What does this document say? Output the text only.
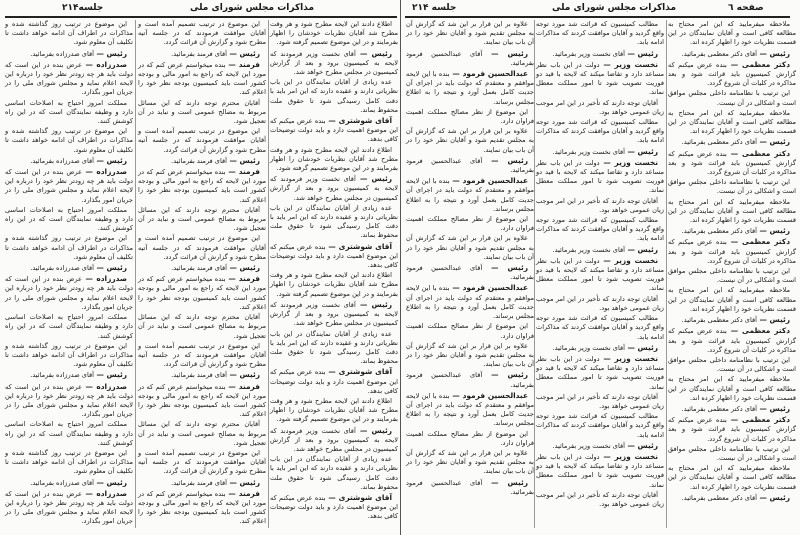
جلسه۲۱۴	مذاکرات مجلس شورای ملی	جلسه ۲۱۴	مذاکرات مجلس شورای ملی	صفحه ٦

اطلاع دادند این لایحه مطرح شود و هر وقت مطرح شد آقایان نظریات خودشان را اظهار بفرمایند و در این موضوع تصمیم گرفته شود.

رئیس — آقای نخست وزیر فرمودند که لایحه به کمیسیون برود و بعد از گزارش کمیسیون در مجلس مطرح خواهد شد.

عده زیادی از آقایان نمایندگان در این باب نظریاتی دارند و عقیده دارند که این امر باید با دقت کامل رسیدگی شود تا حقوق ملت محفوظ بماند.

آقای شوشتری — بنده عرض میکنم که این موضوع اهمیت دارد و باید دولت توضیحات کافی بدهد.

اطلاع دادند این لایحه مطرح شود و هر وقت مطرح شد آقایان نظریات خودشان را اظهار بفرمایند و در این موضوع تصمیم گرفته شود.

رئیس — آقای نخست وزیر فرمودند که لایحه به کمیسیون برود و بعد از گزارش کمیسیون در مجلس مطرح خواهد شد.

عده زیادی از آقایان نمایندگان در این باب نظریاتی دارند و عقیده دارند که این امر باید با دقت کامل رسیدگی شود تا حقوق ملت محفوظ بماند.

آقای شوشتری — بنده عرض میکنم که این موضوع اهمیت دارد و باید دولت توضیحات کافی بدهد.

اطلاع دادند این لایحه مطرح شود و هر وقت مطرح شد آقایان نظریات خودشان را اظهار بفرمایند و در این موضوع تصمیم گرفته شود.

رئیس — آقای نخست وزیر فرمودند که لایحه به کمیسیون برود و بعد از گزارش کمیسیون در مجلس مطرح خواهد شد.

عده زیادی از آقایان نمایندگان در این باب نظریاتی دارند و عقیده دارند که این امر باید با دقت کامل رسیدگی شود تا حقوق ملت محفوظ بماند.

آقای شوشتری — بنده عرض میکنم که این موضوع اهمیت دارد و باید دولت توضیحات کافی بدهد.

اطلاع دادند این لایحه مطرح شود و هر وقت مطرح شد آقایان نظریات خودشان را اظهار بفرمایند و در این موضوع تصمیم گرفته شود.

رئیس — آقای نخست وزیر فرمودند که لایحه به کمیسیون برود و بعد از گزارش کمیسیون در مجلس مطرح خواهد شد.

عده زیادی از آقایان نمایندگان در این باب نظریاتی دارند و عقیده دارند که این امر باید با دقت کامل رسیدگی شود تا حقوق ملت محفوظ بماند.

آقای شوشتری — بنده عرض میکنم که این موضوع اهمیت دارد و باید دولت توضیحات کافی بدهد.

این موضوع در ترتیب تصمیم آمده است و آقایان موافقت فرمودند که در جلسه آتیه مطرح شود و گزارش آن قرائت گردد.

رئیس — آقای فرمند بفرمائید.

فرمند — بنده میخواستم عرض کنم که در مورد این لایحه که راجع به امور مالی و بودجه کشور است باید کمیسیون بودجه نظر خود را اعلام کند.

آقایان محترم توجه دارند که این مسائل مربوط به مصالح عمومی است و نباید در آن تعجیل شود.

این موضوع در ترتیب تصمیم آمده است و آقایان موافقت فرمودند که در جلسه آتیه مطرح شود و گزارش آن قرائت گردد.

رئیس — آقای فرمند بفرمائید.

فرمند — بنده میخواستم عرض کنم که در مورد این لایحه که راجع به امور مالی و بودجه کشور است باید کمیسیون بودجه نظر خود را اعلام کند.

آقایان محترم توجه دارند که این مسائل مربوط به مصالح عمومی است و نباید در آن تعجیل شود.

این موضوع در ترتیب تصمیم آمده است و آقایان موافقت فرمودند که در جلسه آتیه مطرح شود و گزارش آن قرائت گردد.

رئیس — آقای فرمند بفرمائید.

فرمند — بنده میخواستم عرض کنم که در مورد این لایحه که راجع به امور مالی و بودجه کشور است باید کمیسیون بودجه نظر خود را اعلام کند.

آقایان محترم توجه دارند که این مسائل مربوط به مصالح عمومی است و نباید در آن تعجیل شود.

این موضوع در ترتیب تصمیم آمده است و آقایان موافقت فرمودند که در جلسه آتیه مطرح شود و گزارش آن قرائت گردد.

رئیس — آقای فرمند بفرمائید.

فرمند — بنده میخواستم عرض کنم که در مورد این لایحه که راجع به امور مالی و بودجه کشور است باید کمیسیون بودجه نظر خود را اعلام کند.

آقایان محترم توجه دارند که این مسائل مربوط به مصالح عمومی است و نباید در آن تعجیل شود.

این موضوع در ترتیب تصمیم آمده است و آقایان موافقت فرمودند که در جلسه آتیه مطرح شود و گزارش آن قرائت گردد.

رئیس — آقای فرمند بفرمائید.

فرمند — بنده میخواستم عرض کنم که در مورد این لایحه که راجع به امور مالی و بودجه کشور است باید کمیسیون بودجه نظر خود را اعلام کند.

این موضوع در ترتیب روز گذاشته شده و مذاکرات در اطراف آن ادامه خواهد داشت تا تکلیف آن معلوم شود.

رئیس — آقای صدرزاده بفرمائید.

صدرزاده — عرض بنده در این است که دولت باید هر چه زودتر نظر خود را درباره این لایحه اعلام نماید و مجلس شورای ملی را در جریان امور بگذارد.

مملکت امروز احتیاج به اصلاحات اساسی دارد و وظیفه نمایندگان است که در این راه کوشش کنند.

این موضوع در ترتیب روز گذاشته شده و مذاکرات در اطراف آن ادامه خواهد داشت تا تکلیف آن معلوم شود.

رئیس — آقای صدرزاده بفرمائید.

صدرزاده — عرض بنده در این است که دولت باید هر چه زودتر نظر خود را درباره این لایحه اعلام نماید و مجلس شورای ملی را در جریان امور بگذارد.

مملکت امروز احتیاج به اصلاحات اساسی دارد و وظیفه نمایندگان است که در این راه کوشش کنند.

این موضوع در ترتیب روز گذاشته شده و مذاکرات در اطراف آن ادامه خواهد داشت تا تکلیف آن معلوم شود.

رئیس — آقای صدرزاده بفرمائید.

صدرزاده — عرض بنده در این است که دولت باید هر چه زودتر نظر خود را درباره این لایحه اعلام نماید و مجلس شورای ملی را در جریان امور بگذارد.

مملکت امروز احتیاج به اصلاحات اساسی دارد و وظیفه نمایندگان است که در این راه کوشش کنند.

این موضوع در ترتیب روز گذاشته شده و مذاکرات در اطراف آن ادامه خواهد داشت تا تکلیف آن معلوم شود.

رئیس — آقای صدرزاده بفرمائید.

صدرزاده — عرض بنده در این است که دولت باید هر چه زودتر نظر خود را درباره این لایحه اعلام نماید و مجلس شورای ملی را در جریان امور بگذارد.

مملکت امروز احتیاج به اصلاحات اساسی دارد و وظیفه نمایندگان است که در این راه کوشش کنند.

این موضوع در ترتیب روز گذاشته شده و مذاکرات در اطراف آن ادامه خواهد داشت تا تکلیف آن معلوم شود.

رئیس — آقای صدرزاده بفرمائید.

صدرزاده — عرض بنده در این است که دولت باید هر چه زودتر نظر خود را درباره این لایحه اعلام نماید و مجلس شورای ملی را در جریان امور بگذارد.

ملاحظه میفرمایید که این امر محتاج به مطالعه کافی است و آقایان نمایندگان در این قسمت نظریات خود را اظهار کرده اند.

رئیس — آقای دکتر معظمی بفرمائید.

دکتر معظمی — بنده عرض میکنم که گزارش کمیسیون باید قرائت شود و بعد مذاکره در کلیات آن شروع گردد.

این ترتیب با نظامنامه داخلی مجلس موافق است و اشکالی در آن نیست.

ملاحظه میفرمایید که این امر محتاج به مطالعه کافی است و آقایان نمایندگان در این قسمت نظریات خود را اظهار کرده اند.

رئیس — آقای دکتر معظمی بفرمائید.

دکتر معظمی — بنده عرض میکنم که گزارش کمیسیون باید قرائت شود و بعد مذاکره در کلیات آن شروع گردد.

این ترتیب با نظامنامه داخلی مجلس موافق است و اشکالی در آن نیست.

ملاحظه میفرمایید که این امر محتاج به مطالعه کافی است و آقایان نمایندگان در این قسمت نظریات خود را اظهار کرده اند.

رئیس — آقای دکتر معظمی بفرمائید.

دکتر معظمی — بنده عرض میکنم که گزارش کمیسیون باید قرائت شود و بعد مذاکره در کلیات آن شروع گردد.

این ترتیب با نظامنامه داخلی مجلس موافق است و اشکالی در آن نیست.

ملاحظه میفرمایید که این امر محتاج به مطالعه کافی است و آقایان نمایندگان در این قسمت نظریات خود را اظهار کرده اند.

رئیس — آقای دکتر معظمی بفرمائید.

دکتر معظمی — بنده عرض میکنم که گزارش کمیسیون باید قرائت شود و بعد مذاکره در کلیات آن شروع گردد.

این ترتیب با نظامنامه داخلی مجلس موافق است و اشکالی در آن نیست.

ملاحظه میفرمایید که این امر محتاج به مطالعه کافی است و آقایان نمایندگان در این قسمت نظریات خود را اظهار کرده اند.

رئیس — آقای دکتر معظمی بفرمائید.

دکتر معظمی — بنده عرض میکنم که گزارش کمیسیون باید قرائت شود و بعد مذاکره در کلیات آن شروع گردد.

این ترتیب با نظامنامه داخلی مجلس موافق است و اشکالی در آن نیست.

ملاحظه میفرمایید که این امر محتاج به مطالعه کافی است و آقایان نمایندگان در این قسمت نظریات خود را اظهار کرده اند.

رئیس — آقای دکتر معظمی بفرمائید.

مطالب کمیسیون که قرائت شد مورد توجه واقع گردید و آقایان موافقت کردند که مذاکرات ادامه یابد.

رئیس — آقای نخست وزیر بفرمائید.

نخست وزیر — دولت در این باب نظر مساعد دارد و تقاضا میکند که لایحه با قید دو فوریت تصویب شود تا امور مملکت معطل نماند.

آقایان توجه دارند که تأخیر در این امر موجب زیان عمومی خواهد بود.

مطالب کمیسیون که قرائت شد مورد توجه واقع گردید و آقایان موافقت کردند که مذاکرات ادامه یابد.

رئیس — آقای نخست وزیر بفرمائید.

نخست وزیر — دولت در این باب نظر مساعد دارد و تقاضا میکند که لایحه با قید دو فوریت تصویب شود تا امور مملکت معطل نماند.

آقایان توجه دارند که تأخیر در این امر موجب زیان عمومی خواهد بود.

مطالب کمیسیون که قرائت شد مورد توجه واقع گردید و آقایان موافقت کردند که مذاکرات ادامه یابد.

رئیس — آقای نخست وزیر بفرمائید.

نخست وزیر — دولت در این باب نظر مساعد دارد و تقاضا میکند که لایحه با قید دو فوریت تصویب شود تا امور مملکت معطل نماند.

آقایان توجه دارند که تأخیر در این امر موجب زیان عمومی خواهد بود.

مطالب کمیسیون که قرائت شد مورد توجه واقع گردید و آقایان موافقت کردند که مذاکرات ادامه یابد.

رئیس — آقای نخست وزیر بفرمائید.

نخست وزیر — دولت در این باب نظر مساعد دارد و تقاضا میکند که لایحه با قید دو فوریت تصویب شود تا امور مملکت معطل نماند.

آقایان توجه دارند که تأخیر در این امر موجب زیان عمومی خواهد بود.

مطالب کمیسیون که قرائت شد مورد توجه واقع گردید و آقایان موافقت کردند که مذاکرات ادامه یابد.

رئیس — آقای نخست وزیر بفرمائید.

نخست وزیر — دولت در این باب نظر مساعد دارد و تقاضا میکند که لایحه با قید دو فوریت تصویب شود تا امور مملکت معطل نماند.

آقایان توجه دارند که تأخیر در این امر موجب زیان عمومی خواهد بود.

علاوه بر این قرار بر این شد که گزارش آن به مجلس تقدیم شود و آقایان نظر خود را در آن باب بیان نمایند.

رئیس — آقای عبدالحسین فرمود بفرمائید.

عبدالحسین فرمود — بنده با این لایحه موافقم و معتقدم که دولت باید در اجرای آن جدیت کامل بعمل آورد و نتیجه را به اطلاع مجلس برساند.

این موضوع از نظر مصالح مملکت اهمیت فراوان دارد.

علاوه بر این قرار بر این شد که گزارش آن به مجلس تقدیم شود و آقایان نظر خود را در آن باب بیان نمایند.

رئیس — آقای عبدالحسین فرمود بفرمائید.

عبدالحسین فرمود — بنده با این لایحه موافقم و معتقدم که دولت باید در اجرای آن جدیت کامل بعمل آورد و نتیجه را به اطلاع مجلس برساند.

این موضوع از نظر مصالح مملکت اهمیت فراوان دارد.

علاوه بر این قرار بر این شد که گزارش آن به مجلس تقدیم شود و آقایان نظر خود را در آن باب بیان نمایند.

رئیس — آقای عبدالحسین فرمود بفرمائید.

عبدالحسین فرمود — بنده با این لایحه موافقم و معتقدم که دولت باید در اجرای آن جدیت کامل بعمل آورد و نتیجه را به اطلاع مجلس برساند.

این موضوع از نظر مصالح مملکت اهمیت فراوان دارد.

علاوه بر این قرار بر این شد که گزارش آن به مجلس تقدیم شود و آقایان نظر خود را در آن باب بیان نمایند.

رئیس — آقای عبدالحسین فرمود بفرمائید.

عبدالحسین فرمود — بنده با این لایحه موافقم و معتقدم که دولت باید در اجرای آن جدیت کامل بعمل آورد و نتیجه را به اطلاع مجلس برساند.

این موضوع از نظر مصالح مملکت اهمیت فراوان دارد.

علاوه بر این قرار بر این شد که گزارش آن به مجلس تقدیم شود و آقایان نظر خود را در آن باب بیان نمایند.

رئیس — آقای عبدالحسین فرمود بفرمائید.
